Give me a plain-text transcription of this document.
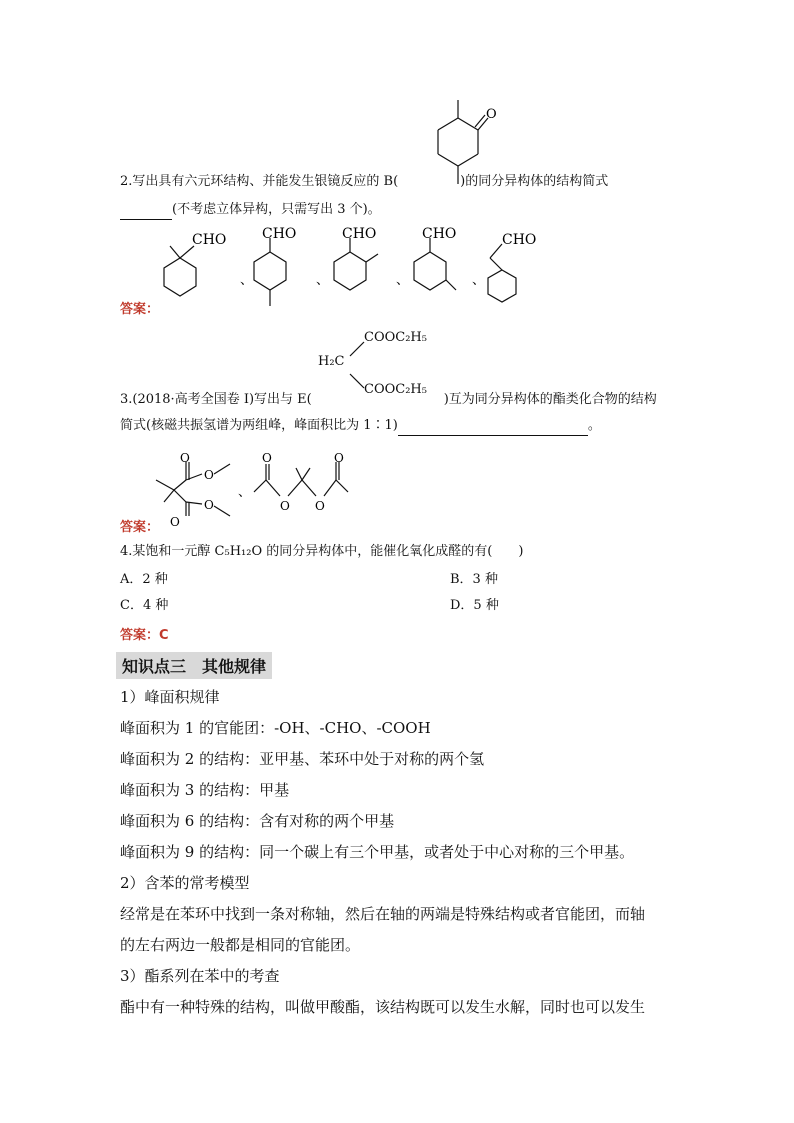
O
2.写出具有六元环结构、并能发生银镜反应的 B(	)的同分异构体的结构简式
(不考虑立体异构，只需写出 3 个)。
CHO	CHO	CHO	CHO	CHO
、	、	、	、
答案：
COOC₂H₅
H₂C
COOC₂H₅
3.(2018·高考全国卷 Ⅰ)写出与 E(	)互为同分异构体的酯类化合物的结构
简式(核磁共振氢谱为两组峰，峰面积比为 1∶1)	。
O
O
O
O
O
O O
O
、
答案：
4.某饱和一元醇 C₅H₁₂O 的同分异构体中，能催化氧化成醛的有(　　)
A．2 种	B．3 种
C．4 种	D．5 种
答案：C
知识点三　其他规律
1）峰面积规律
峰面积为 1 的官能团：-OH、-CHO、-COOH
峰面积为 2 的结构：亚甲基、苯环中处于对称的两个氢
峰面积为 3 的结构：甲基
峰面积为 6 的结构：含有对称的两个甲基
峰面积为 9 的结构：同一个碳上有三个甲基，或者处于中心对称的三个甲基。
2）含苯的常考模型
经常是在苯环中找到一条对称轴，然后在轴的两端是特殊结构或者官能团，而轴
的左右两边一般都是相同的官能团。
3）酯系列在苯中的考查
酯中有一种特殊的结构，叫做甲酸酯，该结构既可以发生水解，同时也可以发生
